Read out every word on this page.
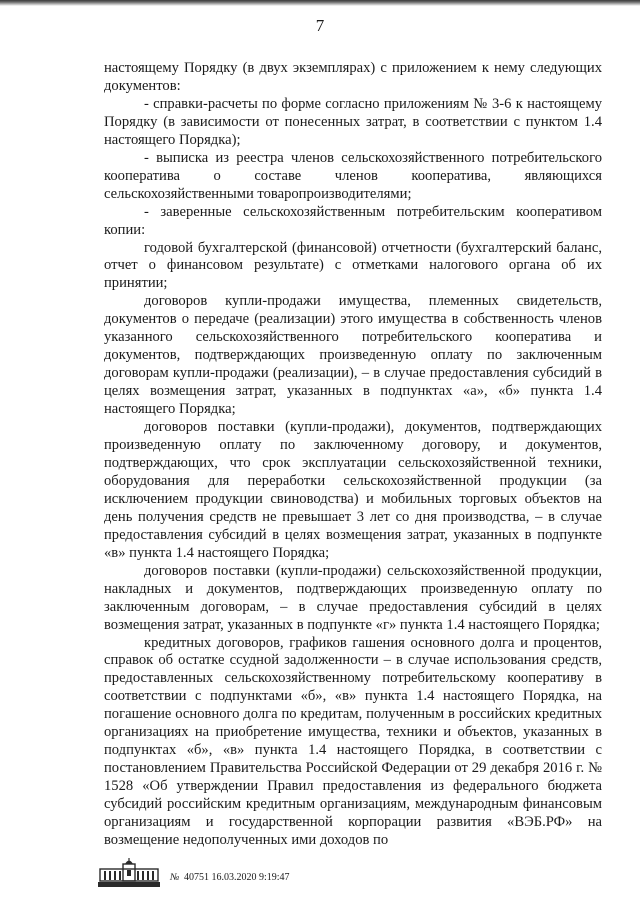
7

настоящему Порядку (в двух экземплярах) с приложением к нему следующих документов:

- справки-расчеты по форме согласно приложениям № 3-6 к настоящему Порядку (в зависимости от понесенных затрат, в соответствии с пунктом 1.4 настоящего Порядка);

- выписка из реестра членов сельскохозяйственного потребительского кооператива о составе членов кооператива, являющихся сельскохозяйственными товаропроизводителями;

- заверенные сельскохозяйственным потребительским кооперативом копии:

годовой бухгалтерской (финансовой) отчетности (бухгалтерский баланс, отчет о финансовом результате) с отметками налогового органа об их принятии;

договоров купли-продажи имущества, племенных свидетельств, документов о передаче (реализации) этого имущества в собственность членов указанного сельскохозяйственного потребительского кооператива и документов, подтверждающих произведенную оплату по заключенным договорам купли-продажи (реализации), – в случае предоставления субсидий в целях возмещения затрат, указанных в подпунктах «а», «б» пункта 1.4 настоящего Порядка;

договоров поставки (купли-продажи), документов, подтверждающих произведенную оплату по заключенному договору, и документов, подтверждающих, что срок эксплуатации сельскохозяйственной техники, оборудования для переработки сельскохозяйственной продукции (за исключением продукции свиноводства) и мобильных торговых объектов на день получения средств не превышает 3 лет со дня производства, – в случае предоставления субсидий в целях возмещения затрат, указанных в подпункте «в» пункта 1.4 настоящего Порядка;

договоров поставки (купли-продажи) сельскохозяйственной продукции, накладных и документов, подтверждающих произведенную оплату по заключенным договорам, – в случае предоставления субсидий в целях возмещения затрат, указанных в подпункте «г» пункта 1.4 настоящего Порядка;

кредитных договоров, графиков гашения основного долга и процентов, справок об остатке ссудной задолженности – в случае использования средств, предоставленных сельскохозяйственному потребительскому кооперативу в соответствии с подпунктами «б», «в» пункта 1.4 настоящего Порядка, на погашение основного долга по кредитам, полученным в российских кредитных организациях на приобретение имущества, техники и объектов, указанных в подпунктах «б», «в» пункта 1.4 настоящего Порядка, в соответствии с постановлением Правительства Российской Федерации от 29 декабря 2016 г. № 1528 «Об утверждении Правил предоставления из федерального бюджета субсидий российским кредитным организациям, международным финансовым организациям и государственной корпорации развития «ВЭБ.РФ» на возмещение недополученных ими доходов по

№ 40751 16.03.2020 9:19:47
